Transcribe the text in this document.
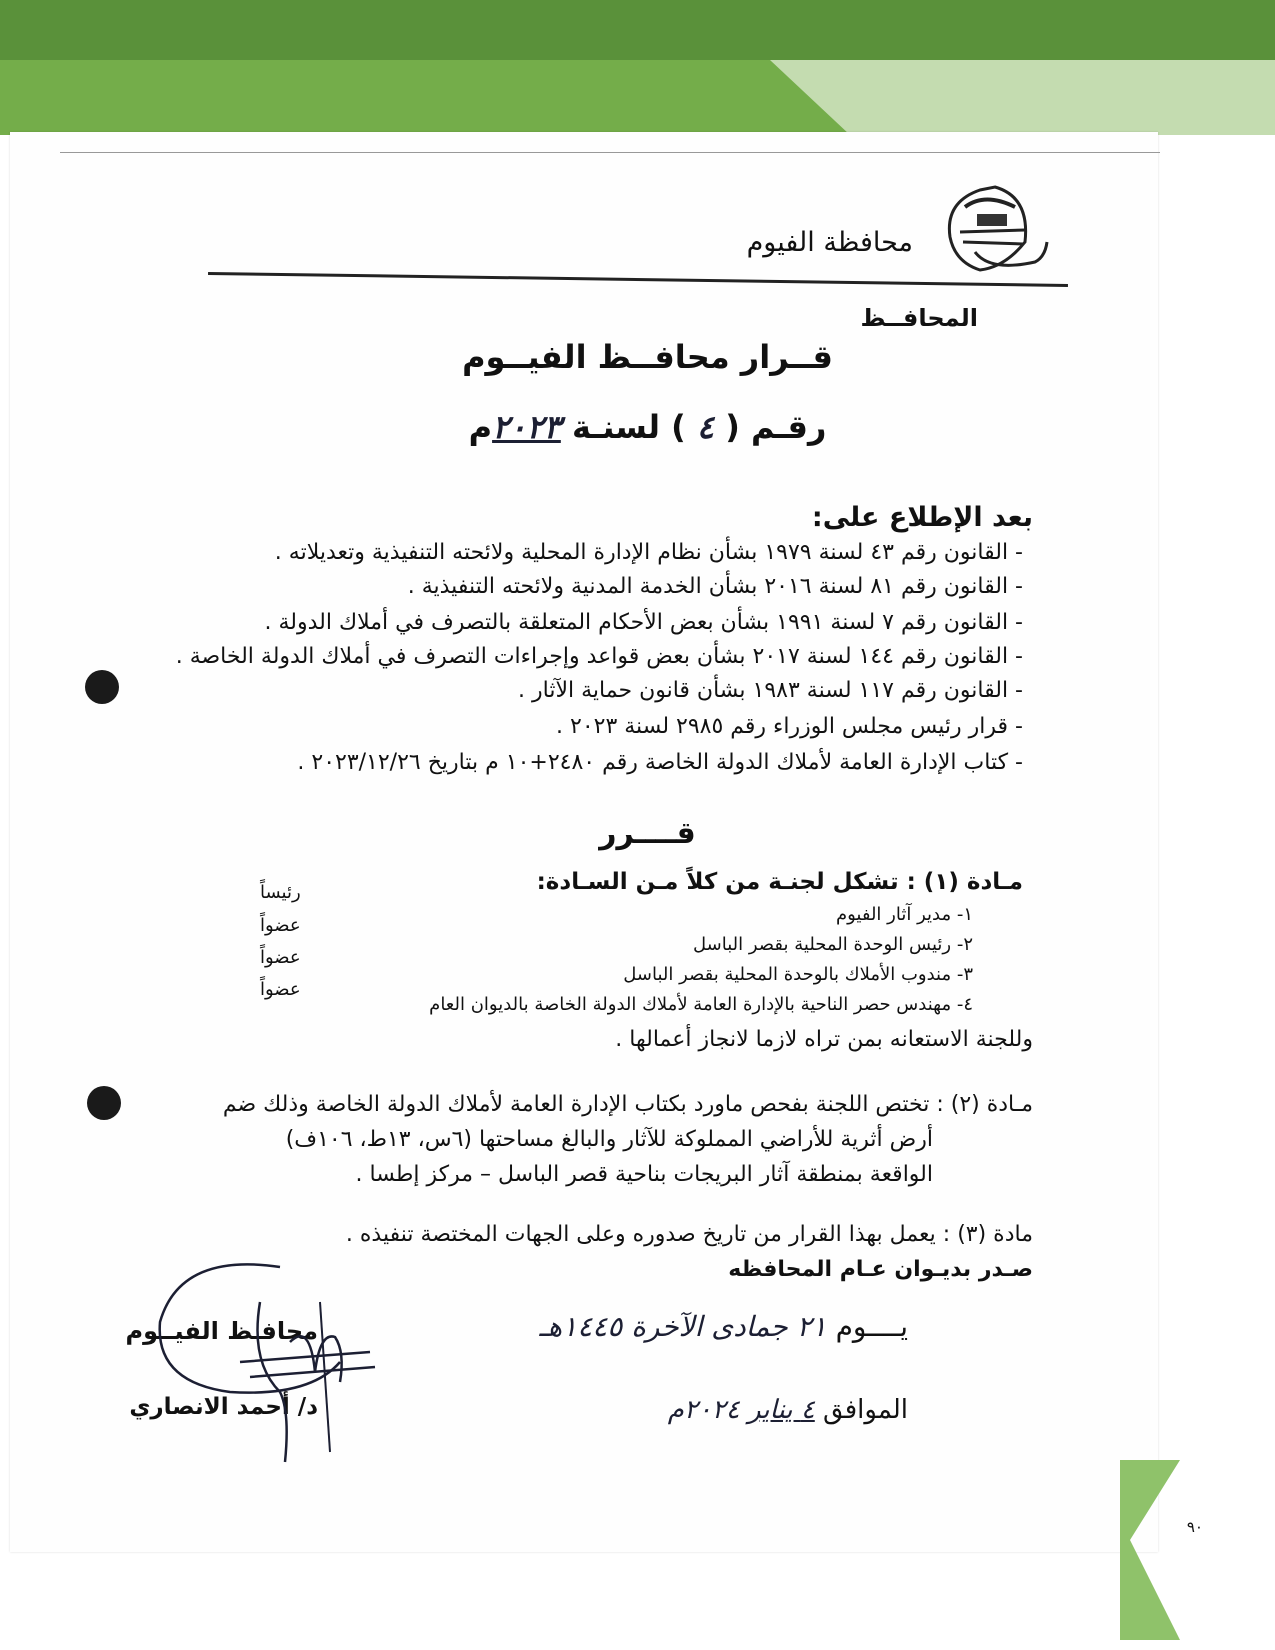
محافظة الفيوم
المحافــظ
قــرار محافــظ الفيــوم
رقـم ( ٤ ) لسنـة ٢٠٢٣م
بعد الإطلاع على:
- القانون رقم ٤٣ لسنة ١٩٧٩ بشأن نظام الإدارة المحلية ولائحته التنفيذية وتعديلاته .
- القانون رقم ٨١ لسنة ٢٠١٦ بشأن الخدمة المدنية ولائحته التنفيذية .
- القانون رقم ٧ لسنة ١٩٩١ بشأن بعض الأحكام المتعلقة بالتصرف في أملاك الدولة .
- القانون رقم ١٤٤ لسنة ٢٠١٧ بشأن بعض قواعد وإجراءات التصرف في أملاك الدولة الخاصة .
- القانون رقم ١١٧ لسنة ١٩٨٣ بشأن قانون حماية الآثار .
- قرار رئيس مجلس الوزراء رقم ٢٩٨٥ لسنة ٢٠٢٣ .
- كتاب الإدارة العامة لأملاك الدولة الخاصة رقم ٢٤٨٠+١٠ م بتاريخ ٢٠٢٣/١٢/٢٦ .
قــــرر
مـادة (١) : تشكل لجنـة من كلاً مـن السـادة:
١- مدير آثار الفيوم
رئيساً
٢- رئيس الوحدة المحلية بقصر الباسل
عضواً
٣- مندوب الأملاك بالوحدة المحلية بقصر الباسل
عضواً
٤- مهندس حصر الناحية بالإدارة العامة لأملاك الدولة الخاصة بالديوان العام
عضواً
وللجنة الاستعانه بمن تراه لازما لانجاز أعمالها .
مـادة (٢) : تختص اللجنة بفحص ماورد بكتاب الإدارة العامة لأملاك الدولة الخاصة وذلك ضم
أرض أثرية للأراضي المملوكة للآثار والبالغ مساحتها (٦س، ١٣ط، ١٠٦ف)
الواقعة بمنطقة آثار البريجات بناحية قصر الباسل – مركز إطسا .
مادة (٣) : يعمل بهذا القرار من تاريخ صدوره وعلى الجهات المختصة تنفيذه .
صـدر بديـوان عـام المحافظه
يــــوم ٢١ جمادى الآخرة ١٤٤٥هـ
الموافق ٤ يناير ٢٠٢٤م
محافـظ الفيــوم
د/ أحمد الانصاري
٩٠
